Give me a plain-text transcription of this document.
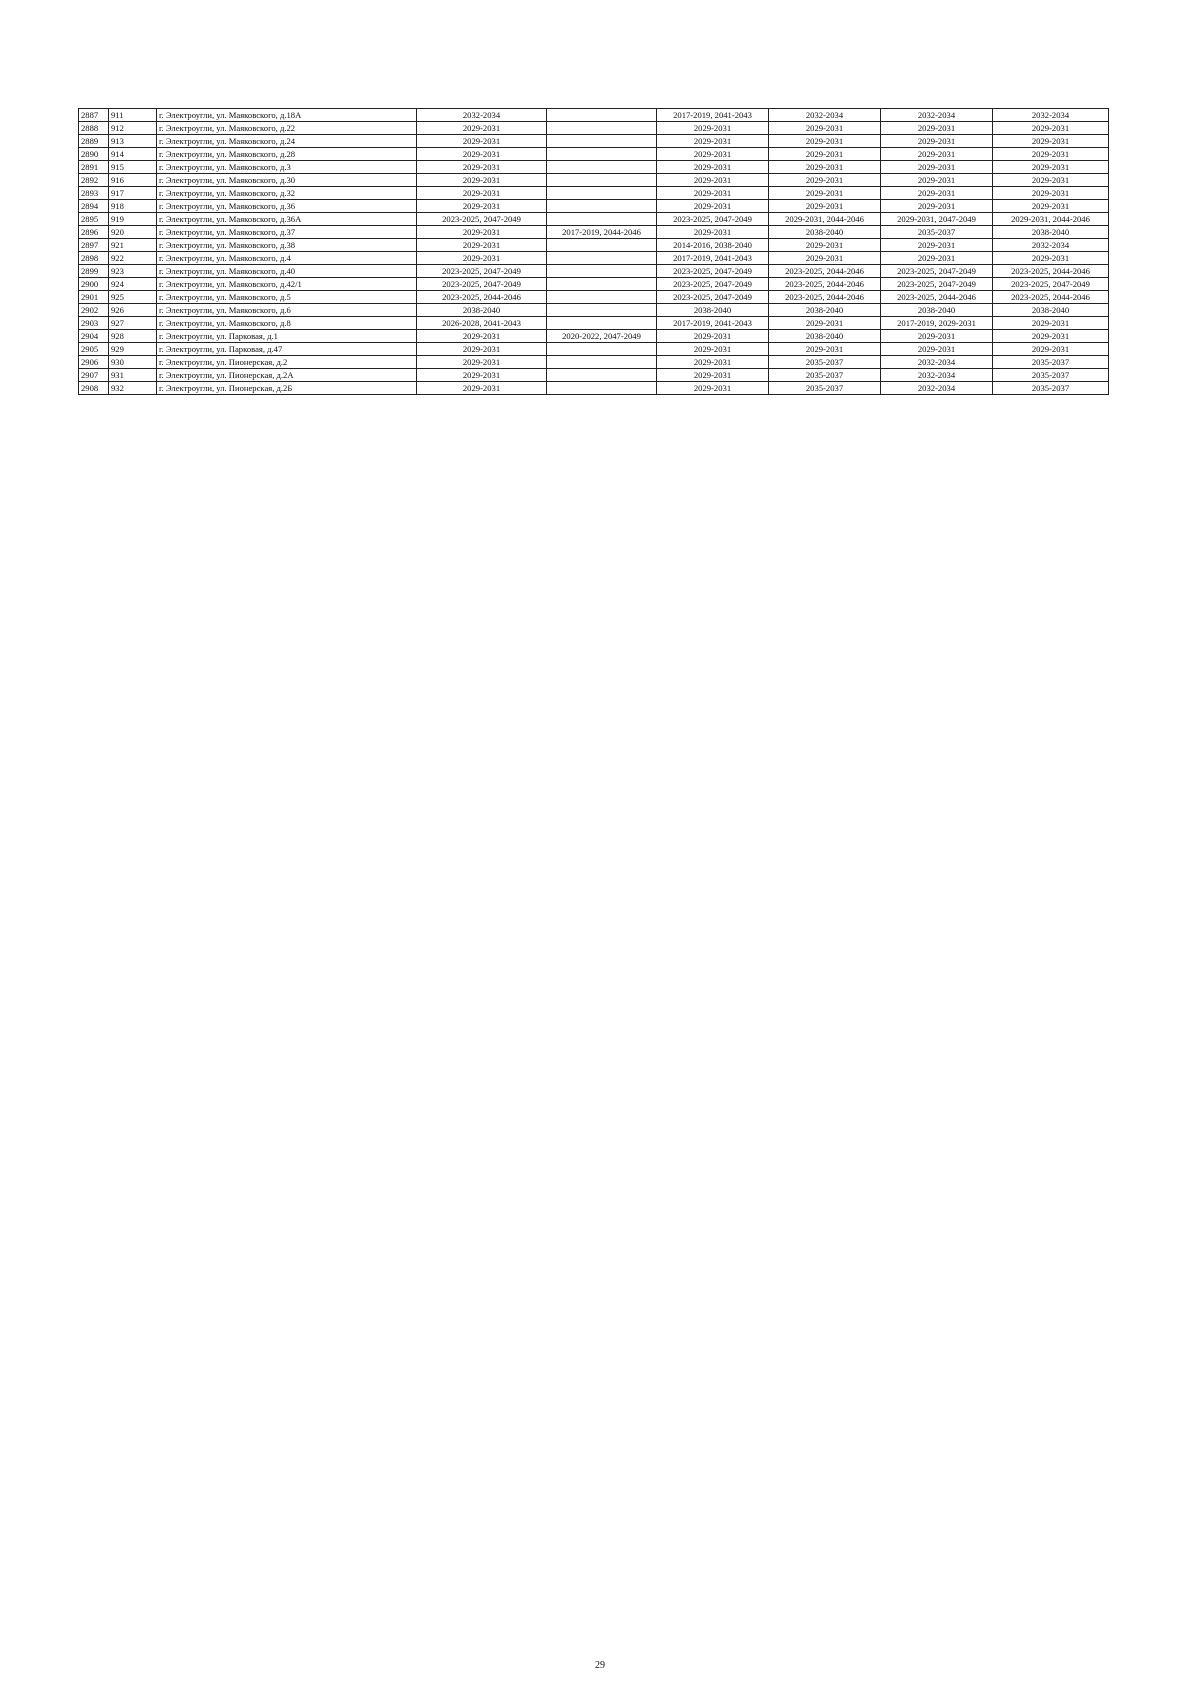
2887	911	г. Электроугли, ул. Маяковского, д.18А	2032-2034		2017-2019, 2041-2043	2032-2034	2032-2034	2032-2034
2888	912	г. Электроугли, ул. Маяковского, д.22	2029-2031		2029-2031	2029-2031	2029-2031	2029-2031
2889	913	г. Электроугли, ул. Маяковского, д.24	2029-2031		2029-2031	2029-2031	2029-2031	2029-2031
2890	914	г. Электроугли, ул. Маяковского, д.28	2029-2031		2029-2031	2029-2031	2029-2031	2029-2031
2891	915	г. Электроугли, ул. Маяковского, д.3	2029-2031		2029-2031	2029-2031	2029-2031	2029-2031
2892	916	г. Электроугли, ул. Маяковского, д.30	2029-2031		2029-2031	2029-2031	2029-2031	2029-2031
2893	917	г. Электроугли, ул. Маяковского, д.32	2029-2031		2029-2031	2029-2031	2029-2031	2029-2031
2894	918	г. Электроугли, ул. Маяковского, д.36	2029-2031		2029-2031	2029-2031	2029-2031	2029-2031
2895	919	г. Электроугли, ул. Маяковского, д.36А	2023-2025, 2047-2049		2023-2025, 2047-2049	2029-2031, 2044-2046	2029-2031, 2047-2049	2029-2031, 2044-2046
2896	920	г. Электроугли, ул. Маяковского, д.37	2029-2031	2017-2019, 2044-2046	2029-2031	2038-2040	2035-2037	2038-2040
2897	921	г. Электроугли, ул. Маяковского, д.38	2029-2031		2014-2016, 2038-2040	2029-2031	2029-2031	2032-2034
2898	922	г. Электроугли, ул. Маяковского, д.4	2029-2031		2017-2019, 2041-2043	2029-2031	2029-2031	2029-2031
2899	923	г. Электроугли, ул. Маяковского, д.40	2023-2025, 2047-2049		2023-2025, 2047-2049	2023-2025, 2044-2046	2023-2025, 2047-2049	2023-2025, 2044-2046
2900	924	г. Электроугли, ул. Маяковского, д.42/1	2023-2025, 2047-2049		2023-2025, 2047-2049	2023-2025, 2044-2046	2023-2025, 2047-2049	2023-2025, 2047-2049
2901	925	г. Электроугли, ул. Маяковского, д.5	2023-2025, 2044-2046		2023-2025, 2047-2049	2023-2025, 2044-2046	2023-2025, 2044-2046	2023-2025, 2044-2046
2902	926	г. Электроугли, ул. Маяковского, д.6	2038-2040		2038-2040	2038-2040	2038-2040	2038-2040
2903	927	г. Электроугли, ул. Маяковского, д.8	2026-2028, 2041-2043		2017-2019, 2041-2043	2029-2031	2017-2019, 2029-2031	2029-2031
2904	928	г. Электроугли, ул. Парковая, д.1	2029-2031	2020-2022, 2047-2049	2029-2031	2038-2040	2029-2031	2029-2031
2905	929	г. Электроугли, ул. Парковая, д.47	2029-2031		2029-2031	2029-2031	2029-2031	2029-2031
2906	930	г. Электроугли, ул. Пионерская, д.2	2029-2031		2029-2031	2035-2037	2032-2034	2035-2037
2907	931	г. Электроугли, ул. Пионерская, д.2А	2029-2031		2029-2031	2035-2037	2032-2034	2035-2037
2908	932	г. Электроугли, ул. Пионерская, д.2Б	2029-2031		2029-2031	2035-2037	2032-2034	2035-2037
29
